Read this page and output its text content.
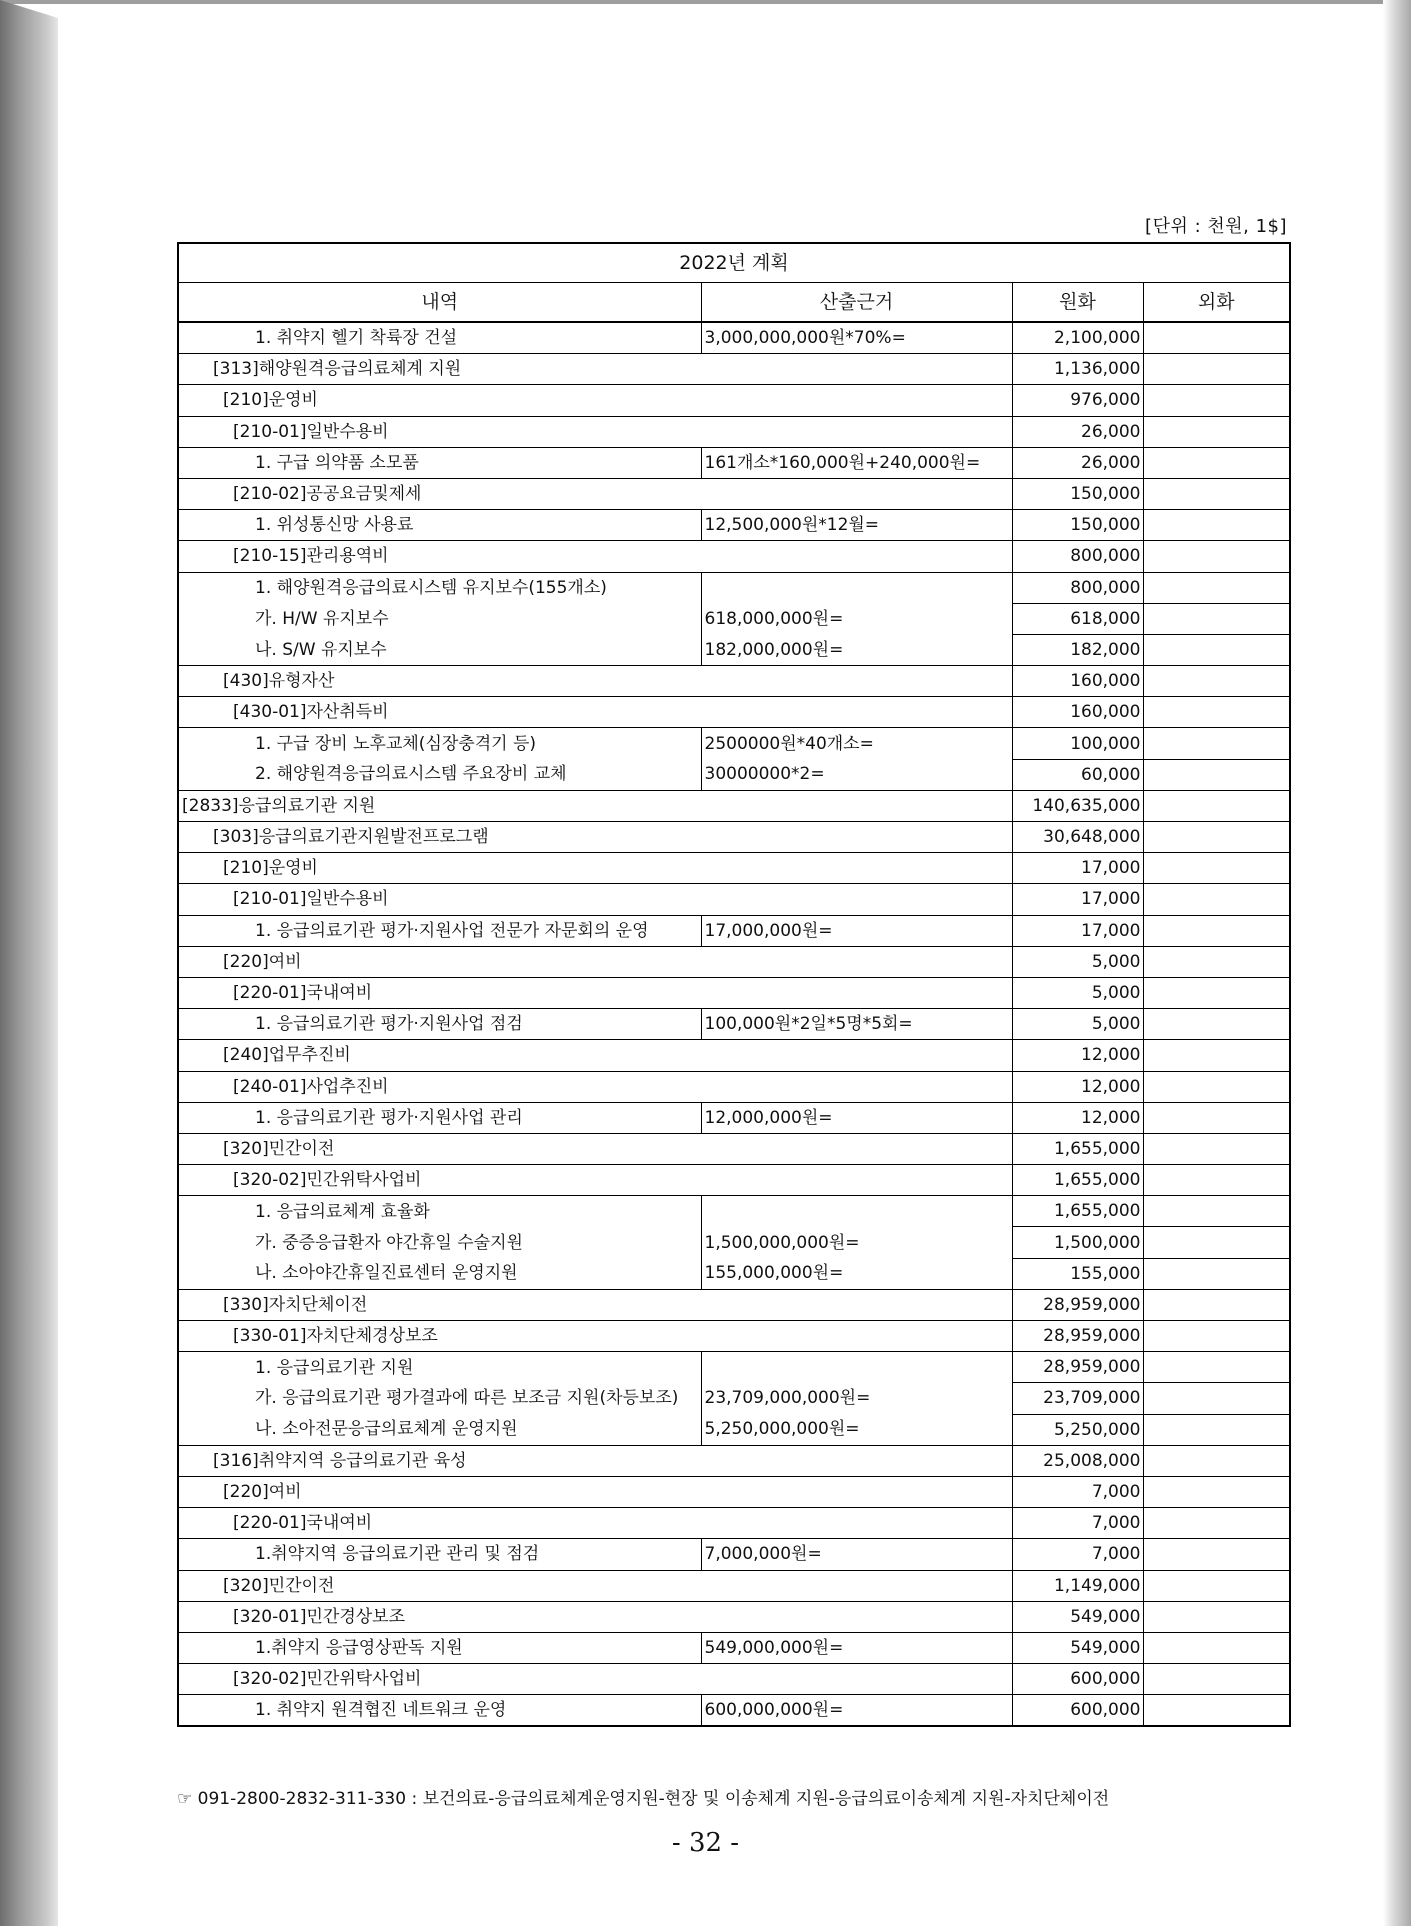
[단위 : 천원, 1$]
2022년 계획			
내역	산출근거	원화	외화
1. 취약지 헬기 착륙장 건설	3,000,000,000원*70%=	2,100,000	
[313]해양원격응급의료체계 지원		1,136,000	
[210]운영비		976,000	
[210-01]일반수용비		26,000	
1. 구급 의약품 소모품	161개소*160,000원+240,000원=	26,000	
[210-02]공공요금및제세		150,000	
1. 위성통신망 사용료	12,500,000원*12월=	150,000	
[210-15]관리용역비		800,000	
1. 해양원격응급의료시스템 유지보수(155개소)		800,000	
가. H/W 유지보수	618,000,000원=	618,000	
나. S/W 유지보수	182,000,000원=	182,000	
[430]유형자산		160,000	
[430-01]자산취득비		160,000	
1. 구급 장비 노후교체(심장충격기 등)	2500000원*40개소=	100,000	
2. 해양원격응급의료시스템 주요장비 교체	30000000*2=	60,000	
[2833]응급의료기관 지원		140,635,000	
[303]응급의료기관지원발전프로그램		30,648,000	
[210]운영비		17,000	
[210-01]일반수용비		17,000	
1. 응급의료기관 평가·지원사업 전문가 자문회의 운영	17,000,000원=	17,000	
[220]여비		5,000	
[220-01]국내여비		5,000	
1. 응급의료기관 평가·지원사업 점검	100,000원*2일*5명*5회=	5,000	
[240]업무추진비		12,000	
[240-01]사업추진비		12,000	
1. 응급의료기관 평가·지원사업 관리	12,000,000원=	12,000	
[320]민간이전		1,655,000	
[320-02]민간위탁사업비		1,655,000	
1. 응급의료체계 효율화		1,655,000	
가. 중증응급환자 야간휴일 수술지원	1,500,000,000원=	1,500,000	
나. 소아야간휴일진료센터 운영지원	155,000,000원=	155,000	
[330]자치단체이전		28,959,000	
[330-01]자치단체경상보조		28,959,000	
1. 응급의료기관 지원		28,959,000	
가. 응급의료기관 평가결과에 따른 보조금 지원(차등보조)	23,709,000,000원=	23,709,000	
나. 소아전문응급의료체계 운영지원	5,250,000,000원=	5,250,000	
[316]취약지역 응급의료기관 육성		25,008,000	
[220]여비		7,000	
[220-01]국내여비		7,000	
1.취약지역 응급의료기관 관리 및 점검	7,000,000원=	7,000	
[320]민간이전		1,149,000	
[320-01]민간경상보조		549,000	
1.취약지 응급영상판독 지원	549,000,000원=	549,000	
[320-02]민간위탁사업비		600,000	
1. 취약지 원격협진 네트워크 운영	600,000,000원=	600,000	
☞ 091-2800-2832-311-330 : 보건의료-응급의료체계운영지원-현장 및 이송체계 지원-응급의료이송체계 지원-자치단체이전
- 32 -
